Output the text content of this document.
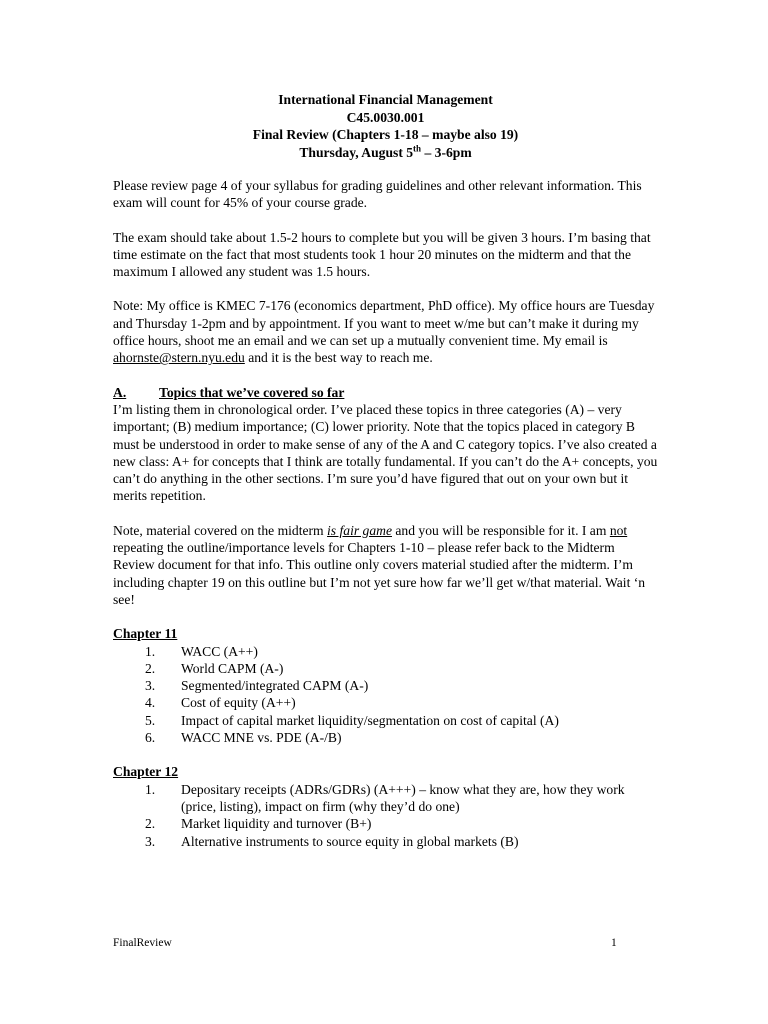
International Financial Management
C45.0030.001
Final Review (Chapters 1-18 – maybe also 19)
Thursday, August 5th – 3-6pm

Please review page 4 of your syllabus for grading guidelines and other relevant information. This exam will count for 45% of your course grade.

The exam should take about 1.5-2 hours to complete but you will be given 3 hours. I’m basing that time estimate on the fact that most students took 1 hour 20 minutes on the midterm and that the maximum I allowed any student was 1.5 hours.

Note: My office is KMEC 7-176 (economics department, PhD office). My office hours are Tuesday and Thursday 1-2pm and by appointment. If you want to meet w/me but can’t make it during my office hours, shoot me an email and we can set up a mutually convenient time. My email is ahornste@stern.nyu.edu and it is the best way to reach me.

A. Topics that we’ve covered so far

I’m listing them in chronological order. I’ve placed these topics in three categories (A) – very important; (B) medium importance; (C) lower priority. Note that the topics placed in category B must be understood in order to make sense of any of the A and C category topics. I’ve also created a new class: A+ for concepts that I think are totally fundamental. If you can’t do the A+ concepts, you can’t do anything in the other sections. I’m sure you’d have figured that out on your own but it merits repetition.

Note, material covered on the midterm is fair game and you will be responsible for it. I am not repeating the outline/importance levels for Chapters 1-10 – please refer back to the Midterm Review document for that info. This outline only covers material studied after the midterm. I’m including chapter 19 on this outline but I’m not yet sure how far we’ll get w/that material. Wait ‘n see!

Chapter 11
1.	WACC (A++)
2.	World CAPM (A-)
3.	Segmented/integrated CAPM (A-)
4.	Cost of equity (A++)
5.	Impact of capital market liquidity/segmentation on cost of capital (A)
6.	WACC MNE vs. PDE (A-/B)
Chapter 12
1.	Depositary receipts (ADRs/GDRs) (A+++) – know what they are, how they work (price, listing), impact on firm (why they’d do one)
2.	Market liquidity and turnover (B+)
3.	Alternative instruments to source equity in global markets (B)
FinalReview	1
